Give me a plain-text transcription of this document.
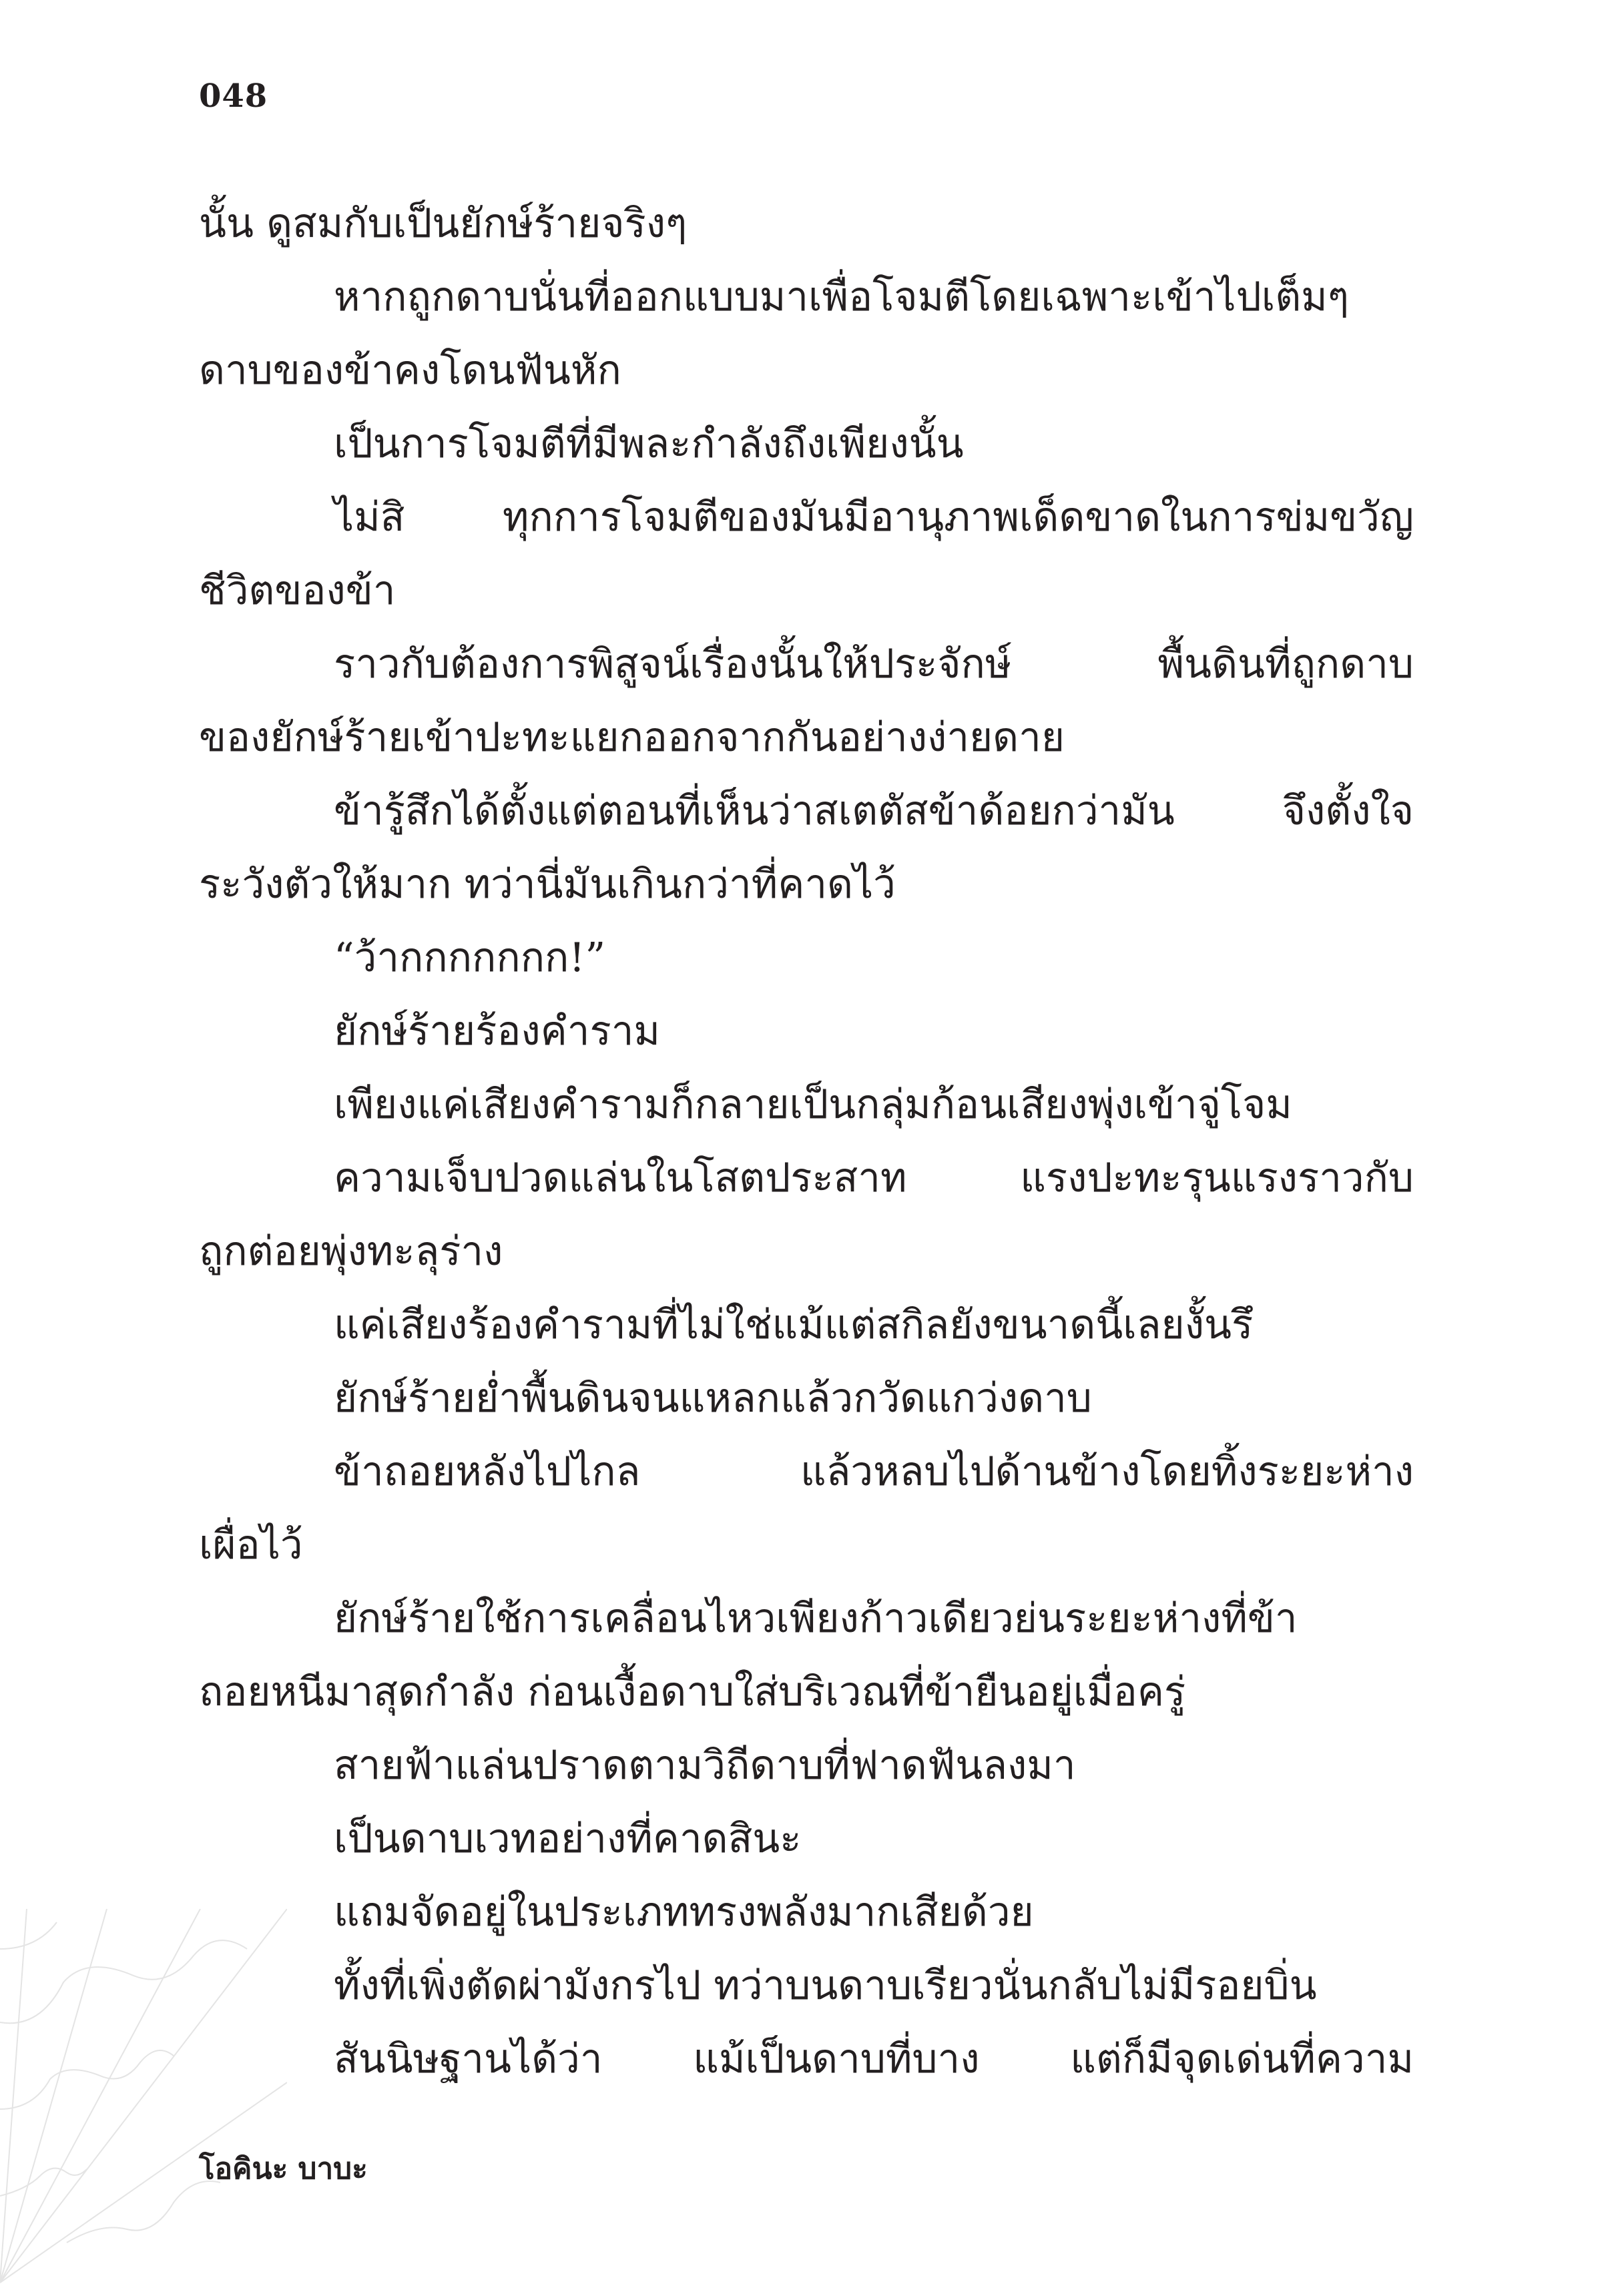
048
นั้น ดูสมกับเป็นยักษ์ร้ายจริงๆ
หากถูกดาบนั่นที่ออกแบบมาเพื่อโจมตีโดยเฉพาะเข้าไปเต็มๆ
ดาบของข้าคงโดนฟันหัก
เป็นการโจมตีที่มีพละกำลังถึงเพียงนั้น
ไม่สิ ทุกการโจมตีของมันมีอานุภาพเด็ดขาดในการข่มขวัญ
ชีวิตของข้า
ราวกับต้องการพิสูจน์เรื่องนั้นให้ประจักษ์ พื้นดินที่ถูกดาบ
ของยักษ์ร้ายเข้าปะทะแยกออกจากกันอย่างง่ายดาย
ข้ารู้สึกได้ตั้งแต่ตอนที่เห็นว่าสเตตัสข้าด้อยกว่ามัน จึงตั้งใจ
ระวังตัวให้มาก ทว่านี่มันเกินกว่าที่คาดไว้
“ว้ากกกกกกก!”
ยักษ์ร้ายร้องคำราม
เพียงแค่เสียงคำรามก็กลายเป็นกลุ่มก้อนเสียงพุ่งเข้าจู่โจม
ความเจ็บปวดแล่นในโสตประสาท แรงปะทะรุนแรงราวกับ
ถูกต่อยพุ่งทะลุร่าง
แค่เสียงร้องคำรามที่ไม่ใช่แม้แต่สกิลยังขนาดนี้เลยงั้นรึ
ยักษ์ร้ายย่ำพื้นดินจนแหลกแล้วกวัดแกว่งดาบ
ข้าถอยหลังไปไกล แล้วหลบไปด้านข้างโดยทิ้งระยะห่าง
เผื่อไว้
ยักษ์ร้ายใช้การเคลื่อนไหวเพียงก้าวเดียวย่นระยะห่างที่ข้า
ถอยหนีมาสุดกำลัง ก่อนเงื้อดาบใส่บริเวณที่ข้ายืนอยู่เมื่อครู่
สายฟ้าแล่นปราดตามวิถีดาบที่ฟาดฟันลงมา
เป็นดาบเวทอย่างที่คาดสินะ
แถมจัดอยู่ในประเภททรงพลังมากเสียด้วย
ทั้งที่เพิ่งตัดผ่ามังกรไป ทว่าบนดาบเรียวนั่นกลับไม่มีรอยบิ่น
สันนิษฐานได้ว่า แม้เป็นดาบที่บาง แต่ก็มีจุดเด่นที่ความ
โอคินะ บาบะ
